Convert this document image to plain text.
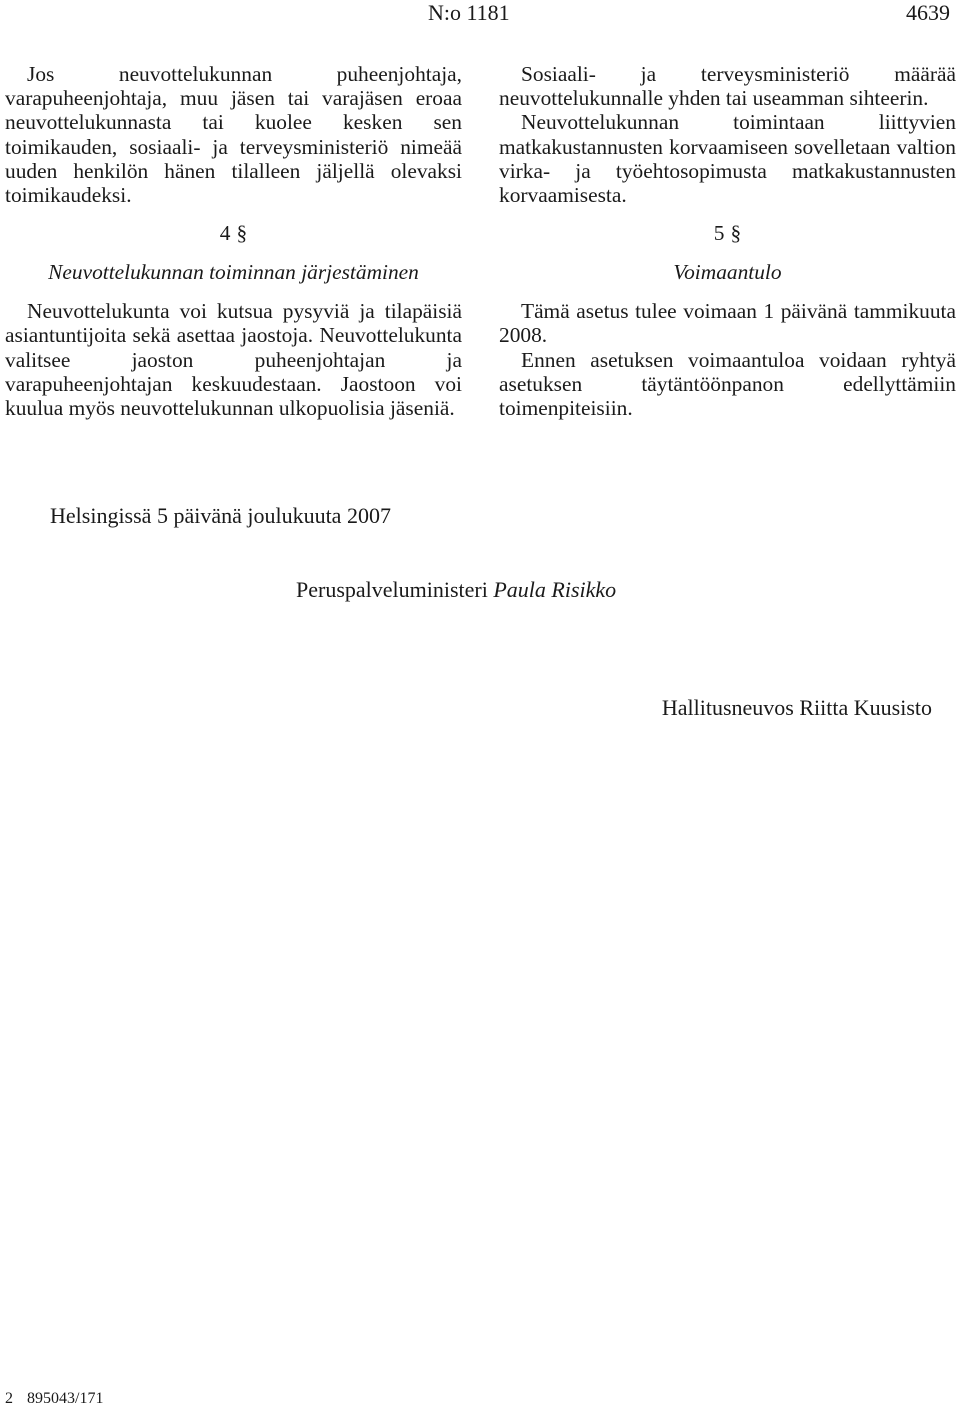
N:o 1181	4639

Jos neuvottelukunnan puheenjohtaja, varapuheenjohtaja, muu jäsen tai varajäsen eroaa neuvottelukunnasta tai kuolee kesken sen toimikauden, sosiaali- ja terveysministeriö nimeää uuden henkilön hänen tilalleen jäljellä olevaksi toimikaudeksi.

4 §
Neuvottelukunnan toiminnan järjestäminen

Neuvottelukunta voi kutsua pysyviä ja tilapäisiä asiantuntijoita sekä asettaa jaostoja. Neuvottelukunta valitsee jaoston puheenjohtajan ja varapuheenjohtajan keskuudestaan. Jaostoon voi kuulua myös neuvottelukunnan ulkopuolisia jäseniä.

Sosiaali- ja terveysministeriö määrää neuvottelukunnalle yhden tai useamman sihteerin.

Neuvottelukunnan toimintaan liittyvien matkakustannusten korvaamiseen sovelletaan valtion virka- ja työehtosopimusta matkakustannusten korvaamisesta.

5 §
Voimaantulo

Tämä asetus tulee voimaan 1 päivänä tammikuuta 2008.

Ennen asetuksen voimaantuloa voidaan ryhtyä asetuksen täytäntöönpanon edellyttämiin toimenpiteisiin.

Helsingissä 5 päivänä joulukuuta 2007
Peruspalveluministeri Paula Risikko
Hallitusneuvos Riitta Kuusisto
2 895043/171
